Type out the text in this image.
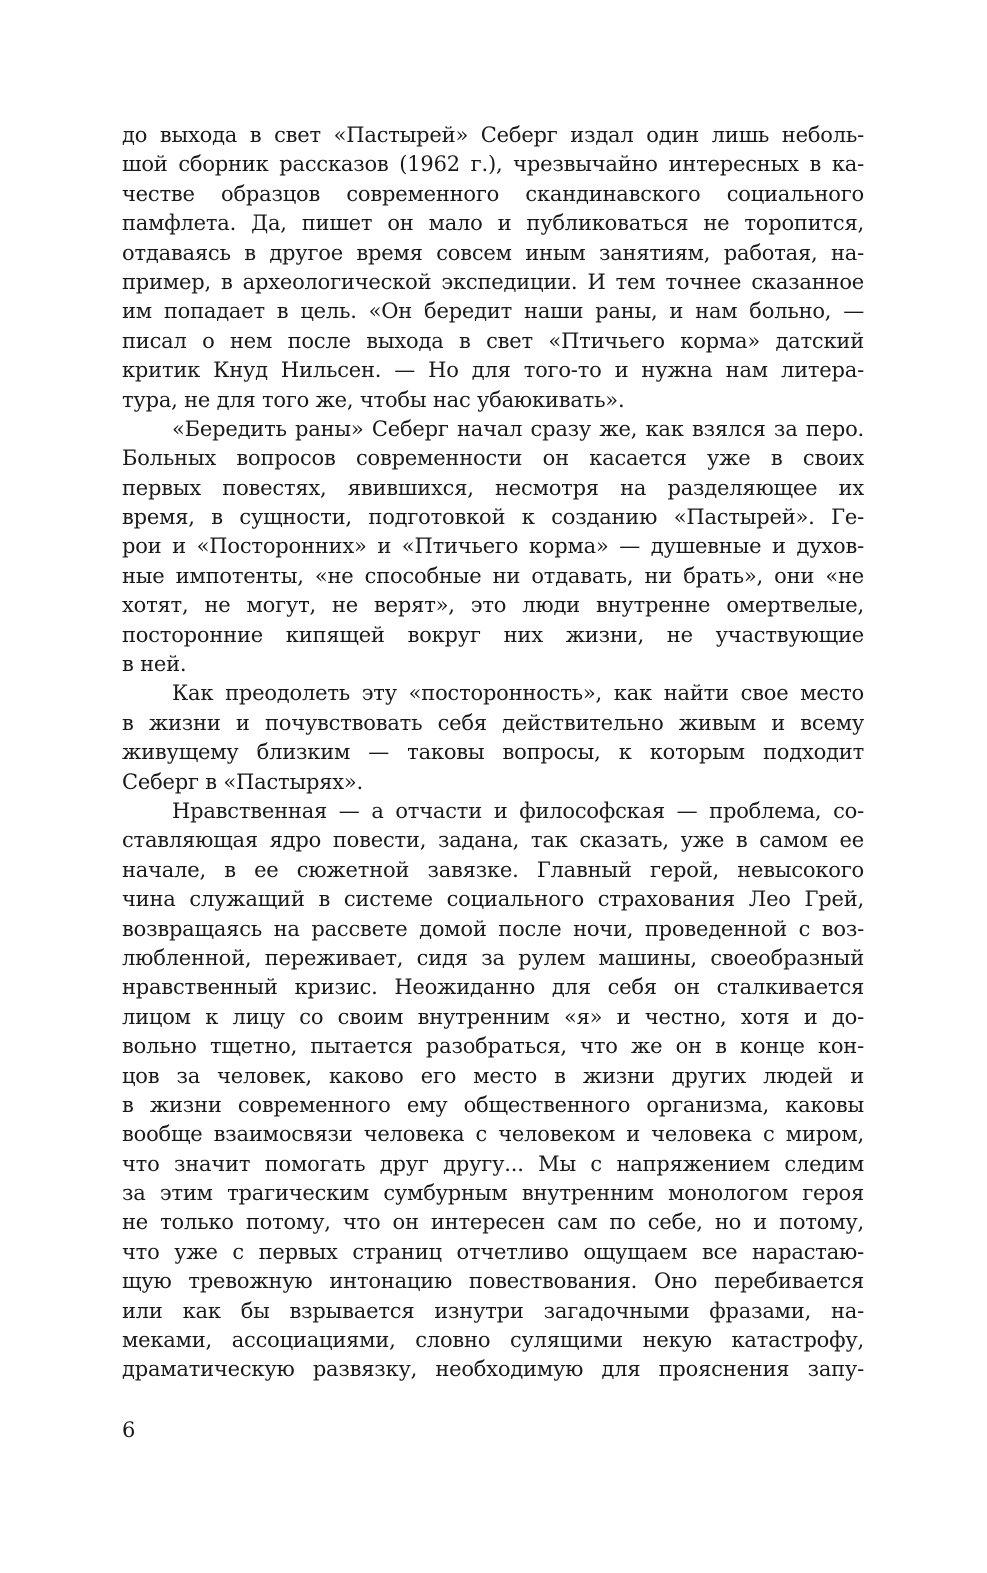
до выхода в свет «Пастырей» Себерг издал один лишь неболь-
шой сборник рассказов (1962 г.), чрезвычайно интересных в ка-
честве образцов современного скандинавского социального
памфлета. Да, пишет он мало и публиковаться не торопится,
отдаваясь в другое время совсем иным занятиям, работая, на-
пример, в археологической экспедиции. И тем точнее сказанное
им попадает в цель. «Он бередит наши раны, и нам больно, —
писал о нем после выхода в свет «Птичьего корма» датский
критик Кнуд Нильсен. — Но для того-то и нужна нам литера-
тура, не для того же, чтобы нас убаюкивать».
«Бередить раны» Себерг начал сразу же, как взялся за перо.
Больных вопросов современности он касается уже в своих
первых повестях, явившихся, несмотря на разделяющее их
время, в сущности, подготовкой к созданию «Пастырей». Ге-
рои и «Посторонних» и «Птичьего корма» — душевные и духов-
ные импотенты, «не способные ни отдавать, ни брать», они «не
хотят, не могут, не верят», это люди внутренне омертвелые,
посторонние кипящей вокруг них жизни, не участвующие
в ней.
Как преодолеть эту «посторонность», как найти свое место
в жизни и почувствовать себя действительно живым и всему
живущему близким — таковы вопросы, к которым подходит
Себерг в «Пастырях».
Нравственная — а отчасти и философская — проблема, со-
ставляющая ядро повести, задана, так сказать, уже в самом ее
начале, в ее сюжетной завязке. Главный герой, невысокого
чина служащий в системе социального страхования Лео Грей,
возвращаясь на рассвете домой после ночи, проведенной с воз-
любленной, переживает, сидя за рулем машины, своеобразный
нравственный кризис. Неожиданно для себя он сталкивается
лицом к лицу со своим внутренним «я» и честно, хотя и до-
вольно тщетно, пытается разобраться, что же он в конце кон-
цов за человек, каково его место в жизни других людей и
в жизни современного ему общественного организма, каковы
вообще взаимосвязи человека с человеком и человека с миром,
что значит помогать друг другу... Мы с напряжением следим
за этим трагическим сумбурным внутренним монологом героя
не только потому, что он интересен сам по себе, но и потому,
что уже с первых страниц отчетливо ощущаем все нарастаю-
щую тревожную интонацию повествования. Оно перебивается
или как бы взрывается изнутри загадочными фразами, на-
меками, ассоциациями, словно сулящими некую катастрофу,
драматическую развязку, необходимую для прояснения запу-
6
